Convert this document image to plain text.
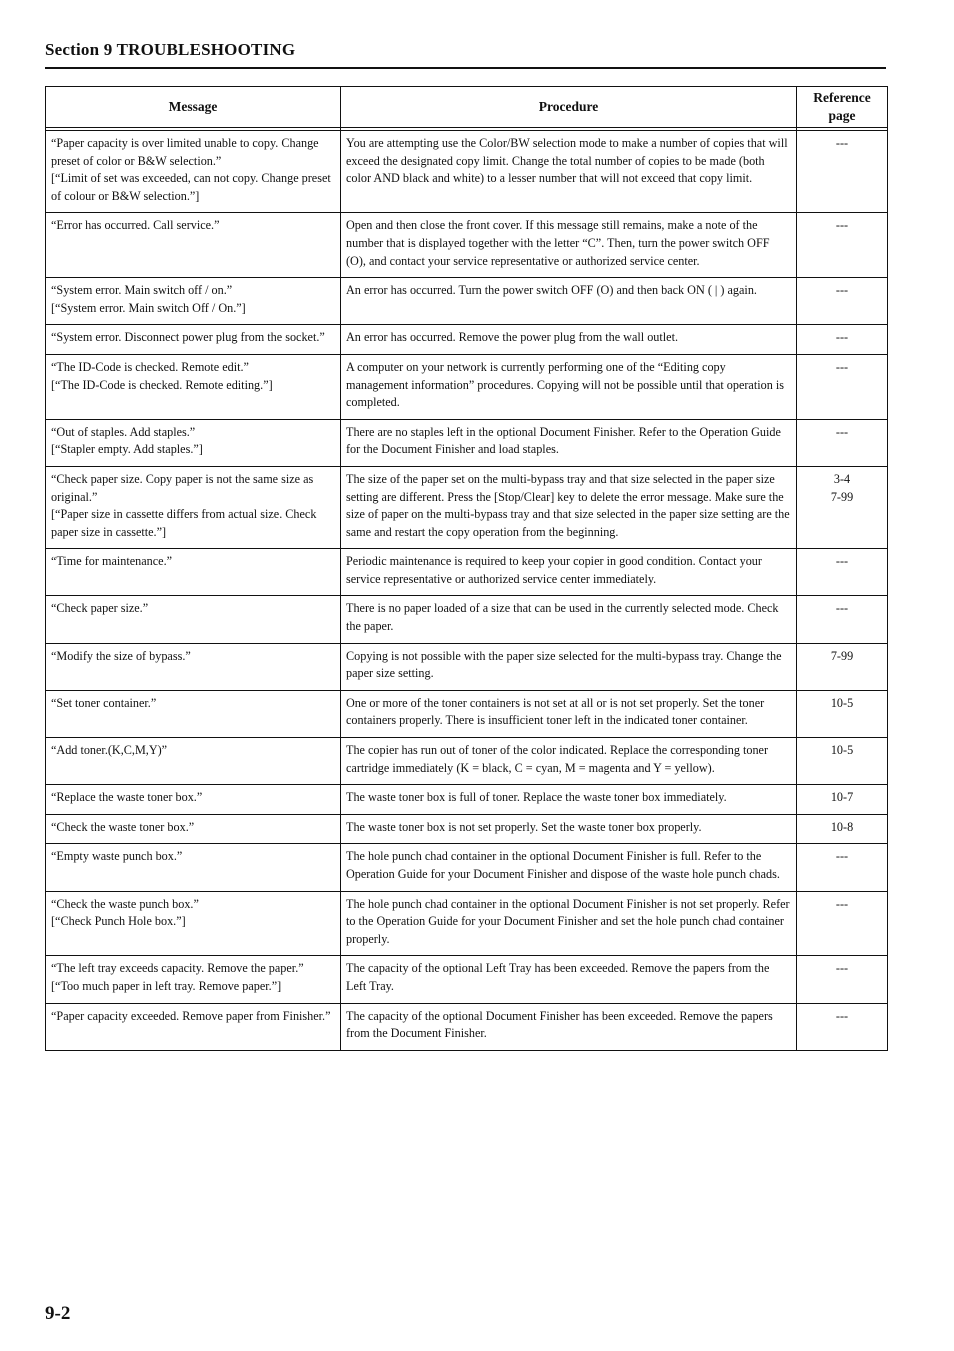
Section 9 TROUBLESHOOTING
Message	Procedure	Reference
page

“Paper capacity is over limited unable to copy. Change preset of color or B&W selection.”
[“Limit of set was exceeded, can not copy. Change preset of colour or B&W selection.”]	You are attempting use the Color/BW selection mode to make a number of copies that will exceed the designated copy limit. Change the total number of copies to be made (both color AND black and white) to a lesser number that will not exceed that copy limit.	---

“Error has occurred. Call service.”	Open and then close the front cover. If this message still remains, make a note of the number that is displayed together with the letter “C”. Then, turn the power switch OFF (O), and contact your service representative or authorized service center.	---

“System error. Main switch off / on.”
[“System error. Main switch Off / On.”]	An error has occurred. Turn the power switch OFF (O) and then back ON ( | ) again.	---

“System error. Disconnect power plug from the socket.”	An error has occurred. Remove the power plug from the wall outlet.	---

“The ID-Code is checked. Remote edit.”
[“The ID-Code is checked. Remote editing.”]	A computer on your network is currently performing one of the “Editing copy management information” procedures. Copying will not be possible until that operation is completed.	---

“Out of staples. Add staples.”
[“Stapler empty. Add staples.”]	There are no staples left in the optional Document Finisher. Refer to the Operation Guide for the Document Finisher and load staples.	---

“Check paper size. Copy paper is not the same size as original.”
[“Paper size in cassette differs from actual size. Check paper size in cassette.”]	The size of the paper set on the multi-bypass tray and that size selected in the paper size setting are different. Press the [Stop/Clear] key to delete the error message. Make sure the size of paper on the multi-bypass tray and that size selected in the paper size setting are the same and restart the copy operation from the beginning.	3-4
7-99

“Time for maintenance.”	Periodic maintenance is required to keep your copier in good condition. Contact your service representative or authorized service center immediately.	---

“Check paper size.”	There is no paper loaded of a size that can be used in the currently selected mode. Check the paper.	---

“Modify the size of bypass.”	Copying is not possible with the paper size selected for the multi-bypass tray. Change the paper size setting.	7-99

“Set toner container.”	One or more of the toner containers is not set at all or is not set properly. Set the toner containers properly. There is insufficient toner left in the indicated toner container.	10-5

“Add toner.(K,C,M,Y)”	The copier has run out of toner of the color indicated. Replace the corresponding toner cartridge immediately (K = black, C = cyan, M = magenta and Y = yellow).	10-5

“Replace the waste toner box.”	The waste toner box is full of toner. Replace the waste toner box immediately.	10-7

“Check the waste toner box.”	The waste toner box is not set properly. Set the waste toner box properly.	10-8

“Empty waste punch box.”	The hole punch chad container in the optional Document Finisher is full. Refer to the Operation Guide for your Document Finisher and dispose of the waste hole punch chads.	---

“Check the waste punch box.”
[“Check Punch Hole box.”]	The hole punch chad container in the optional Document Finisher is not set properly. Refer to the Operation Guide for your Document Finisher and set the hole punch chad container properly.	---

“The left tray exceeds capacity. Remove the paper.”
[“Too much paper in left tray. Remove paper.”]	The capacity of the optional Left Tray has been exceeded. Remove the papers from the Left Tray.	---

“Paper capacity exceeded. Remove paper from Finisher.”	The capacity of the optional Document Finisher has been exceeded. Remove the papers from the Document Finisher.	---
9-2
